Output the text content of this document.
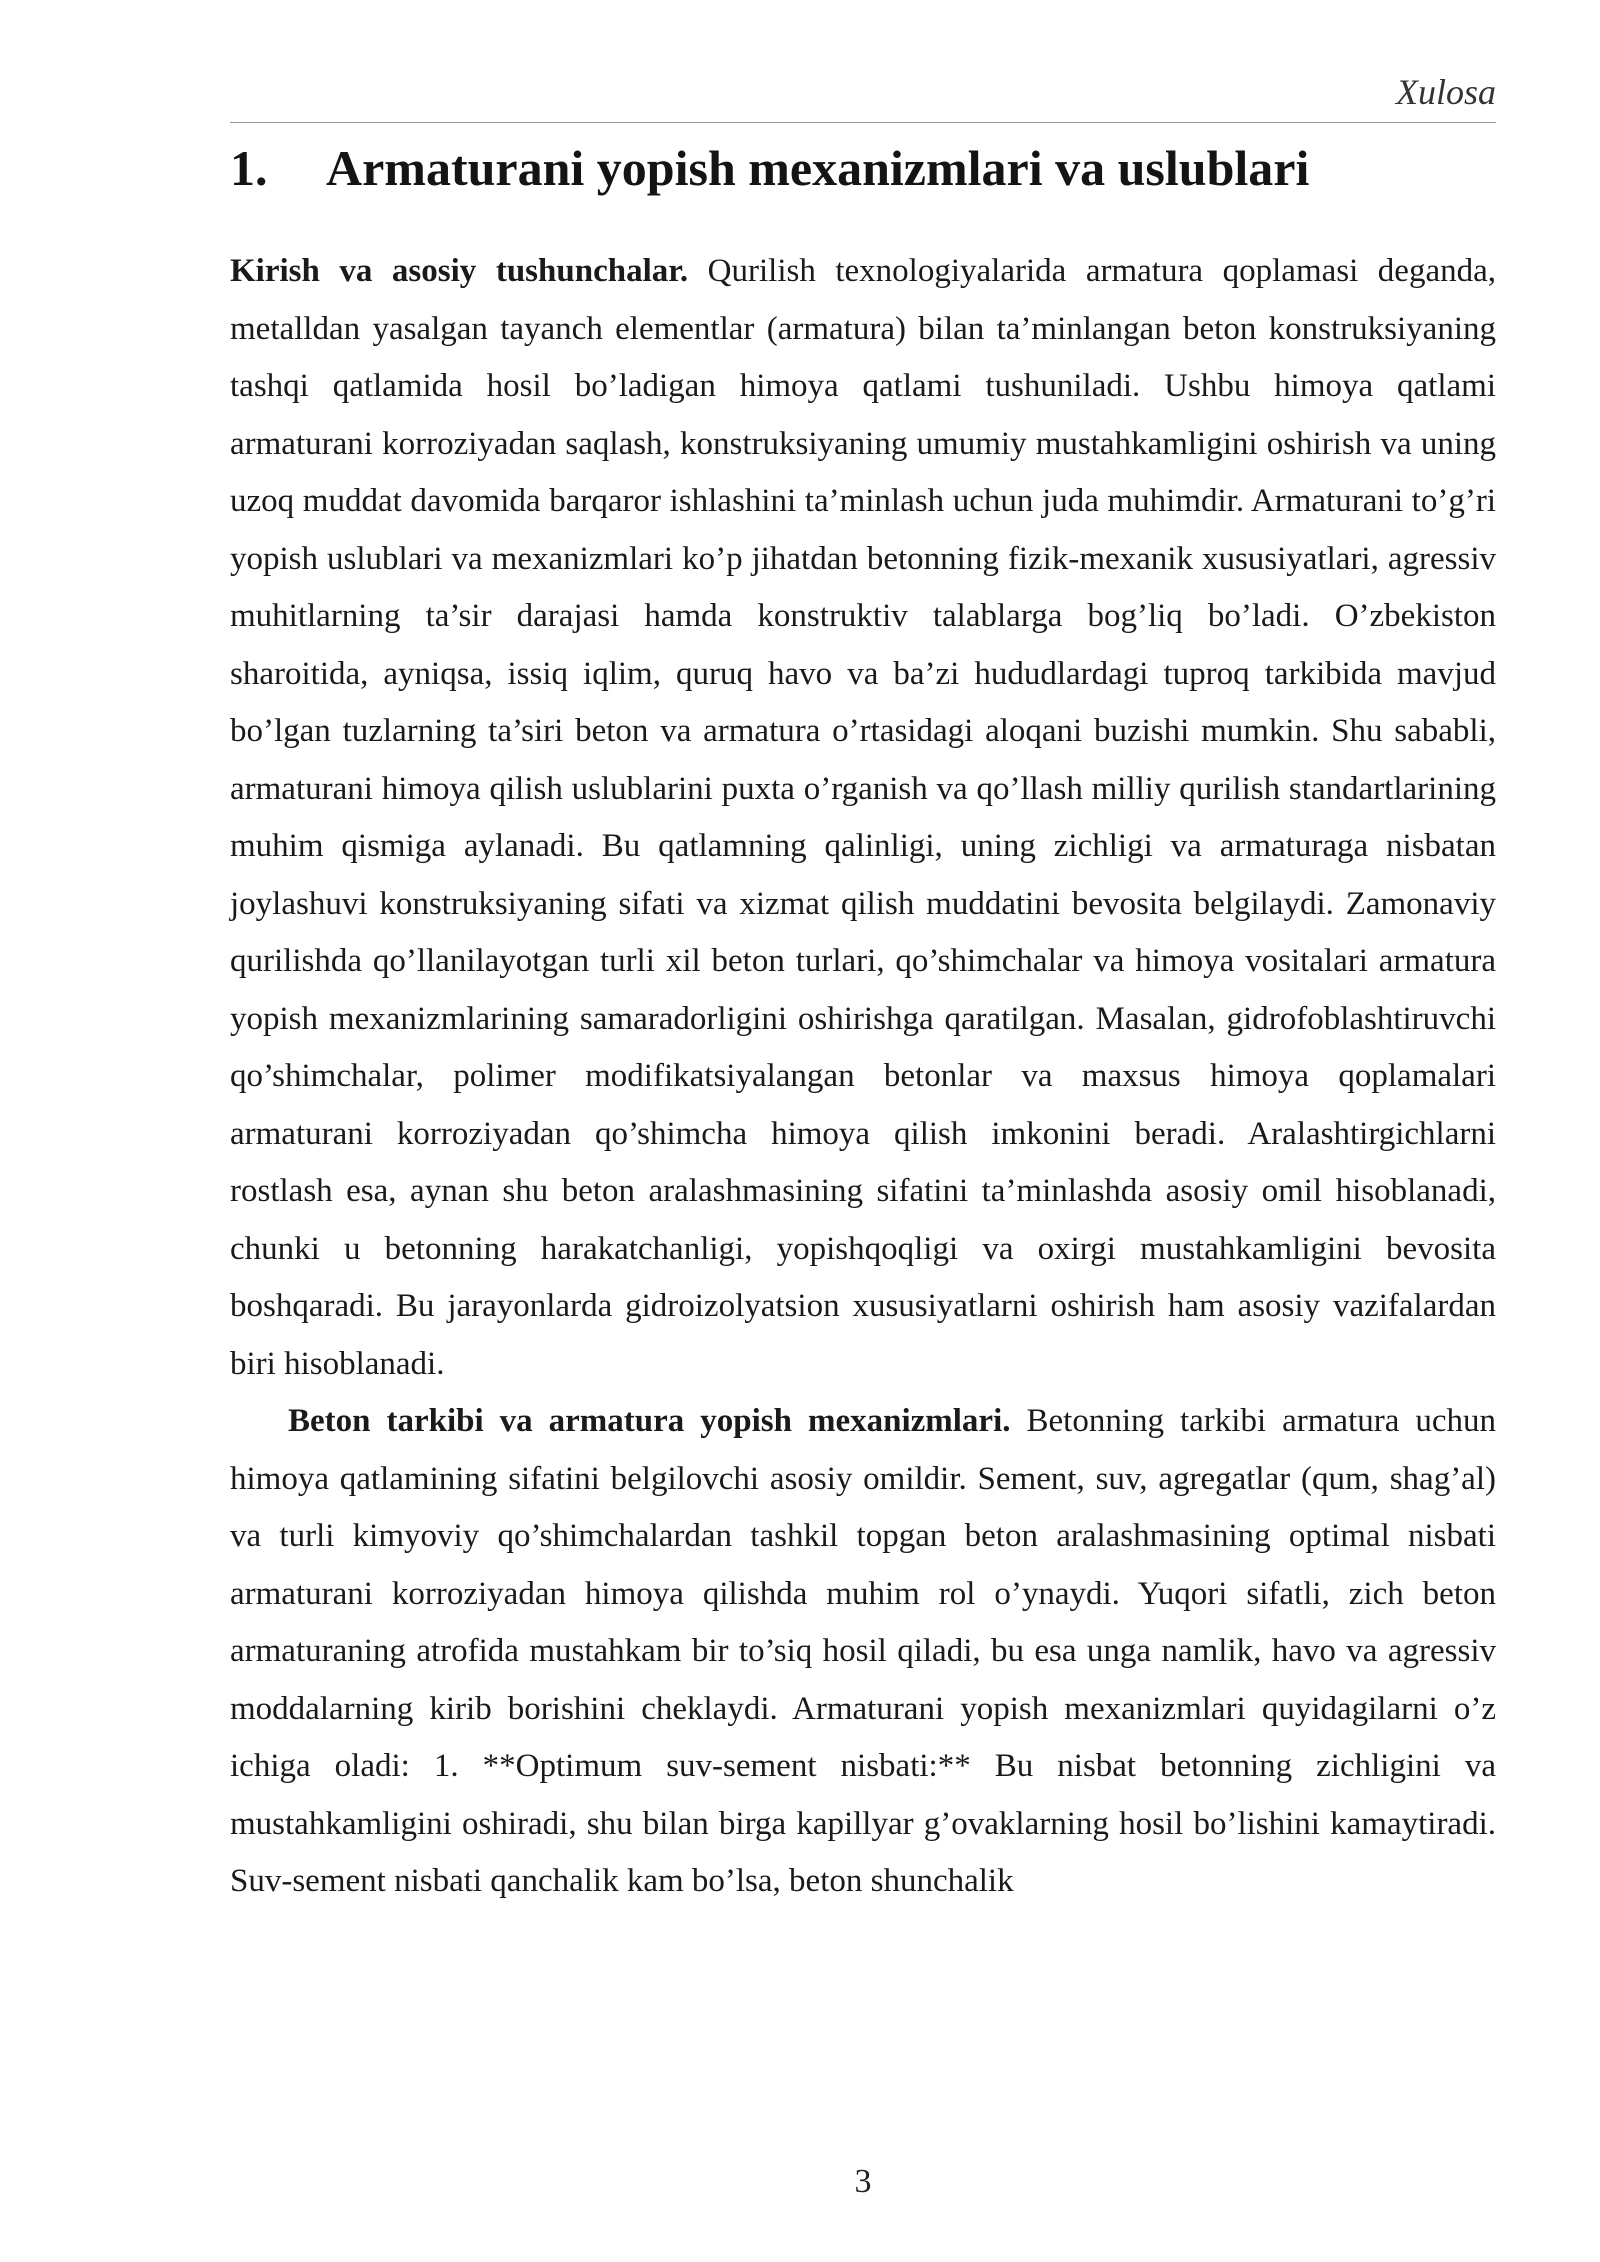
Xulosa
1. Armaturani yopish mexanizmlari va uslublari

Kirish va asosiy tushunchalar. Qurilish texnologiyalarida armatura qoplamasi deganda, metalldan yasalgan tayanch elementlar (armatura) bilan ta’minlangan beton konstruksiyaning tashqi qatlamida hosil bo’ladigan himoya qatlami tushuniladi. Ushbu himoya qatlami armaturani korroziyadan saqlash, konstruksiyaning umumiy mustahkamligini oshirish va uning uzoq muddat davomida barqaror ishlashini ta’minlash uchun juda muhimdir. Armaturani to’g’ri yopish uslublari va mexanizmlari ko’p jihatdan betonning fizik-mexanik xususiyatlari, agressiv muhitlarning ta’sir darajasi hamda konstruktiv talablarga bog’liq bo’ladi. O’zbekiston sharoitida, ayniqsa, issiq iqlim, quruq havo va ba’zi hududlardagi tuproq tarkibida mavjud bo’lgan tuzlarning ta’siri beton va armatura o’rtasidagi aloqani buzishi mumkin. Shu sababli, armaturani himoya qilish uslublarini puxta o’rganish va qo’llash milliy qurilish standartlarining muhim qismiga aylanadi. Bu qatlamning qalinligi, uning zichligi va armaturaga nisbatan joylashuvi konstruksiyaning sifati va xizmat qilish muddatini bevosita belgilaydi. Zamonaviy qurilishda qo’llanilayotgan turli xil beton turlari, qo’shimchalar va himoya vositalari armatura yopish mexanizmlarining samaradorligini oshirishga qaratilgan. Masalan, gidrofoblashtiruvchi qo’shimchalar, polimer modifikatsiyalangan betonlar va maxsus himoya qoplamalari armaturani korroziyadan qo’shimcha himoya qilish imkonini beradi. Aralashtirgichlarni rostlash esa, aynan shu beton aralashmasining sifatini ta’minlashda asosiy omil hisoblanadi, chunki u betonning harakatchanligi, yopishqoqligi va oxirgi mustahkamligini bevosita boshqaradi. Bu jarayonlarda gidroizolyatsion xususiyatlarni oshirish ham asosiy vazifalardan biri hisoblanadi.

Beton tarkibi va armatura yopish mexanizmlari. Betonning tarkibi armatura uchun himoya qatlamining sifatini belgilovchi asosiy omildir. Sement, suv, agregatlar (qum, shag’al) va turli kimyoviy qo’shimchalardan tashkil topgan beton aralashmasining optimal nisbati armaturani korroziyadan himoya qilishda muhim rol o’ynaydi. Yuqori sifatli, zich beton armaturaning atrofida mustahkam bir to’siq hosil qiladi, bu esa unga namlik, havo va agressiv moddalarning kirib borishini cheklaydi. Armaturani yopish mexanizmlari quyidagilarni o’z ichiga oladi: 1. **Optimum suv-sement nisbati:** Bu nisbat betonning zichligini va mustahkamligini oshiradi, shu bilan birga kapillyar g’ovaklarning hosil bo’lishini kamaytiradi. Suv-sement nisbati qanchalik kam bo’lsa, beton shunchalik

3
